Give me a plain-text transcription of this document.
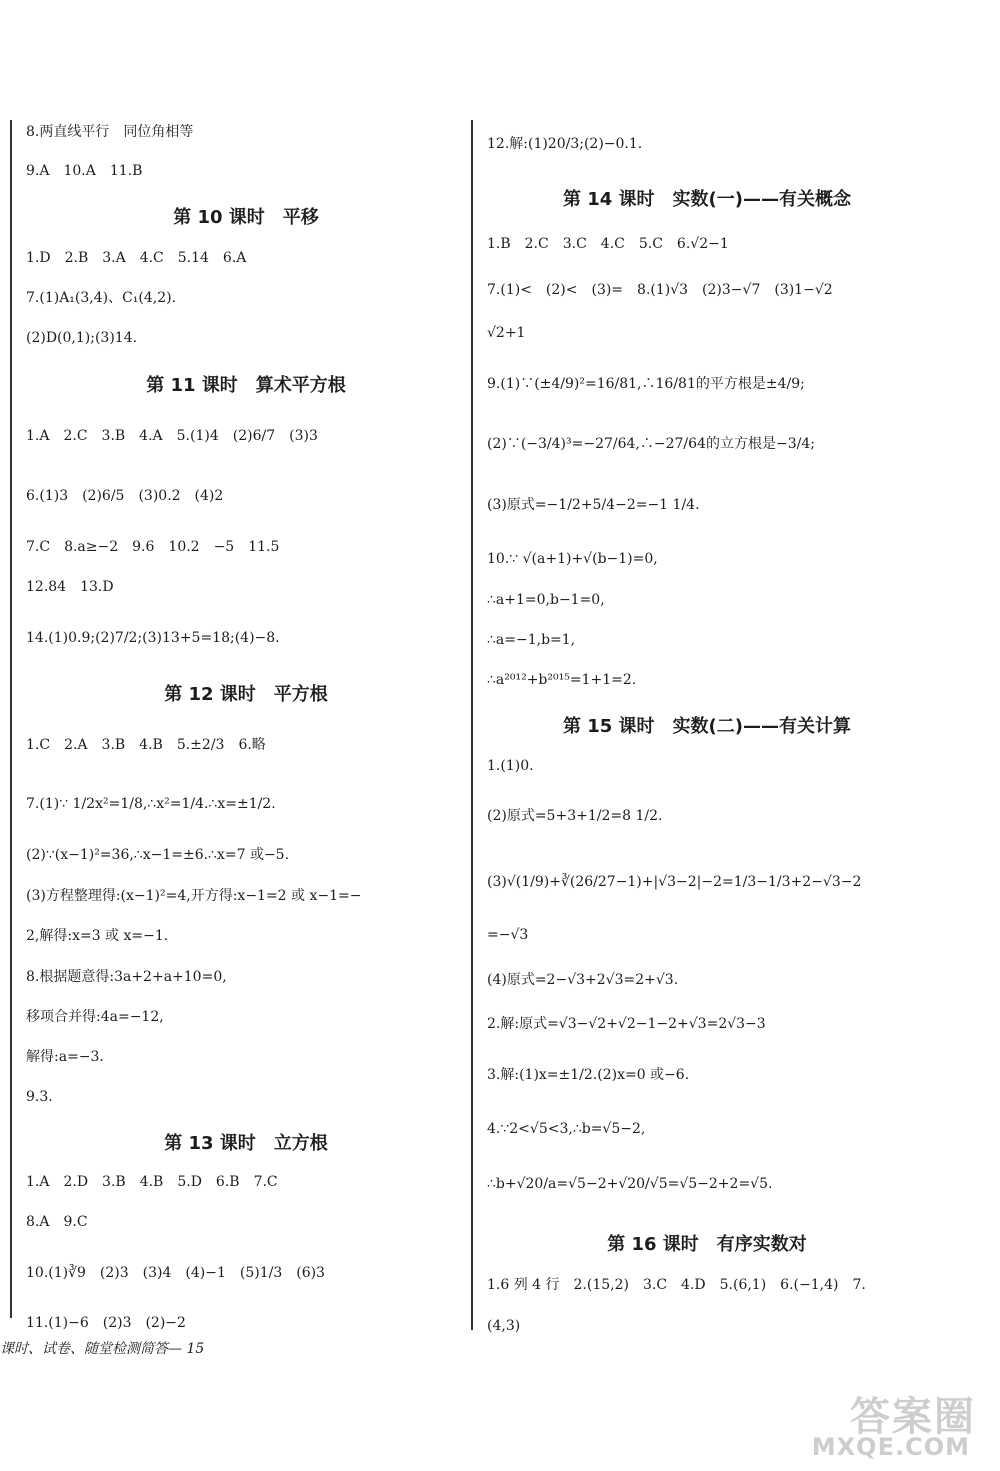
8.两直线平行　同位角相等
9.A　10.A　11.B
第 10 课时　平移
1.D　2.B　3.A　4.C　5.14　6.A
7.(1)A₁(3,4)、C₁(4,2).
(2)D(0,1);(3)14.
第 11 课时　算术平方根
1.A　2.C　3.B　4.A　5.(1)4　(2)6/7　(3)3
6.(1)3　(2)6/5　(3)0.2　(4)2
7.C　8.a≥−2　9.6　10.2　−5　11.5
12.84　13.D
14.(1)0.9;(2)7/2;(3)13+5=18;(4)−8.
第 12 课时　平方根
1.C　2.A　3.B　4.B　5.±2/3　6.略
7.(1)∵ 1/2x²=1/8,∴x²=1/4.∴x=±1/2.
(2)∵(x−1)²=36,∴x−1=±6.∴x=7 或−5.
(3)方程整理得:(x−1)²=4,开方得:x−1=2 或 x−1=−
2,解得:x=3 或 x=−1.
8.根据题意得:3a+2+a+10=0,
移项合并得:4a=−12,
解得:a=−3.
9.3.
第 13 课时　立方根
1.A　2.D　3.B　4.B　5.D　6.B　7.C
8.A　9.C
10.(1)∛9　(2)3　(3)4　(4)−1　(5)1/3　(6)3
11.(1)−6　(2)3　(2)−2
12.解:(1)20/3;(2)−0.1.
第 14 课时　实数(一)——有关概念
1.B　2.C　3.C　4.C　5.C　6.√2−1
7.(1)<　(2)<　(3)=　8.(1)√3　(2)3−√7　(3)1−√2
√2+1
9.(1)∵(±4/9)²=16/81,∴16/81的平方根是±4/9;
(2)∵(−3/4)³=−27/64,∴−27/64的立方根是−3/4;
(3)原式=−1/2+5/4−2=−1 1/4.
10.∵ √(a+1)+√(b−1)=0,
∴a+1=0,b−1=0,
∴a=−1,b=1,
∴a²⁰¹²+b²⁰¹⁵=1+1=2.
第 15 课时　实数(二)——有关计算
1.(1)0.
(2)原式=5+3+1/2=8 1/2.
(3)√(1/9)+∛(26/27−1)+|√3−2|−2=1/3−1/3+2−√3−2
=−√3
(4)原式=2−√3+2√3=2+√3.
2.解:原式=√3−√2+√2−1−2+√3=2√3−3
3.解:(1)x=±1/2.(2)x=0 或−6.
4.∵2<√5<3,∴b=√5−2,
∴b+√20/a=√5−2+√20/√5=√5−2+2=√5.
第 16 课时　有序实数对
1.6 列 4 行　2.(15,2)　3.C　4.D　5.(6,1)　6.(−1,4)　7.
(4,3)
课时、试卷、随堂检测简答— 15
答案圈
MXQE.COM
